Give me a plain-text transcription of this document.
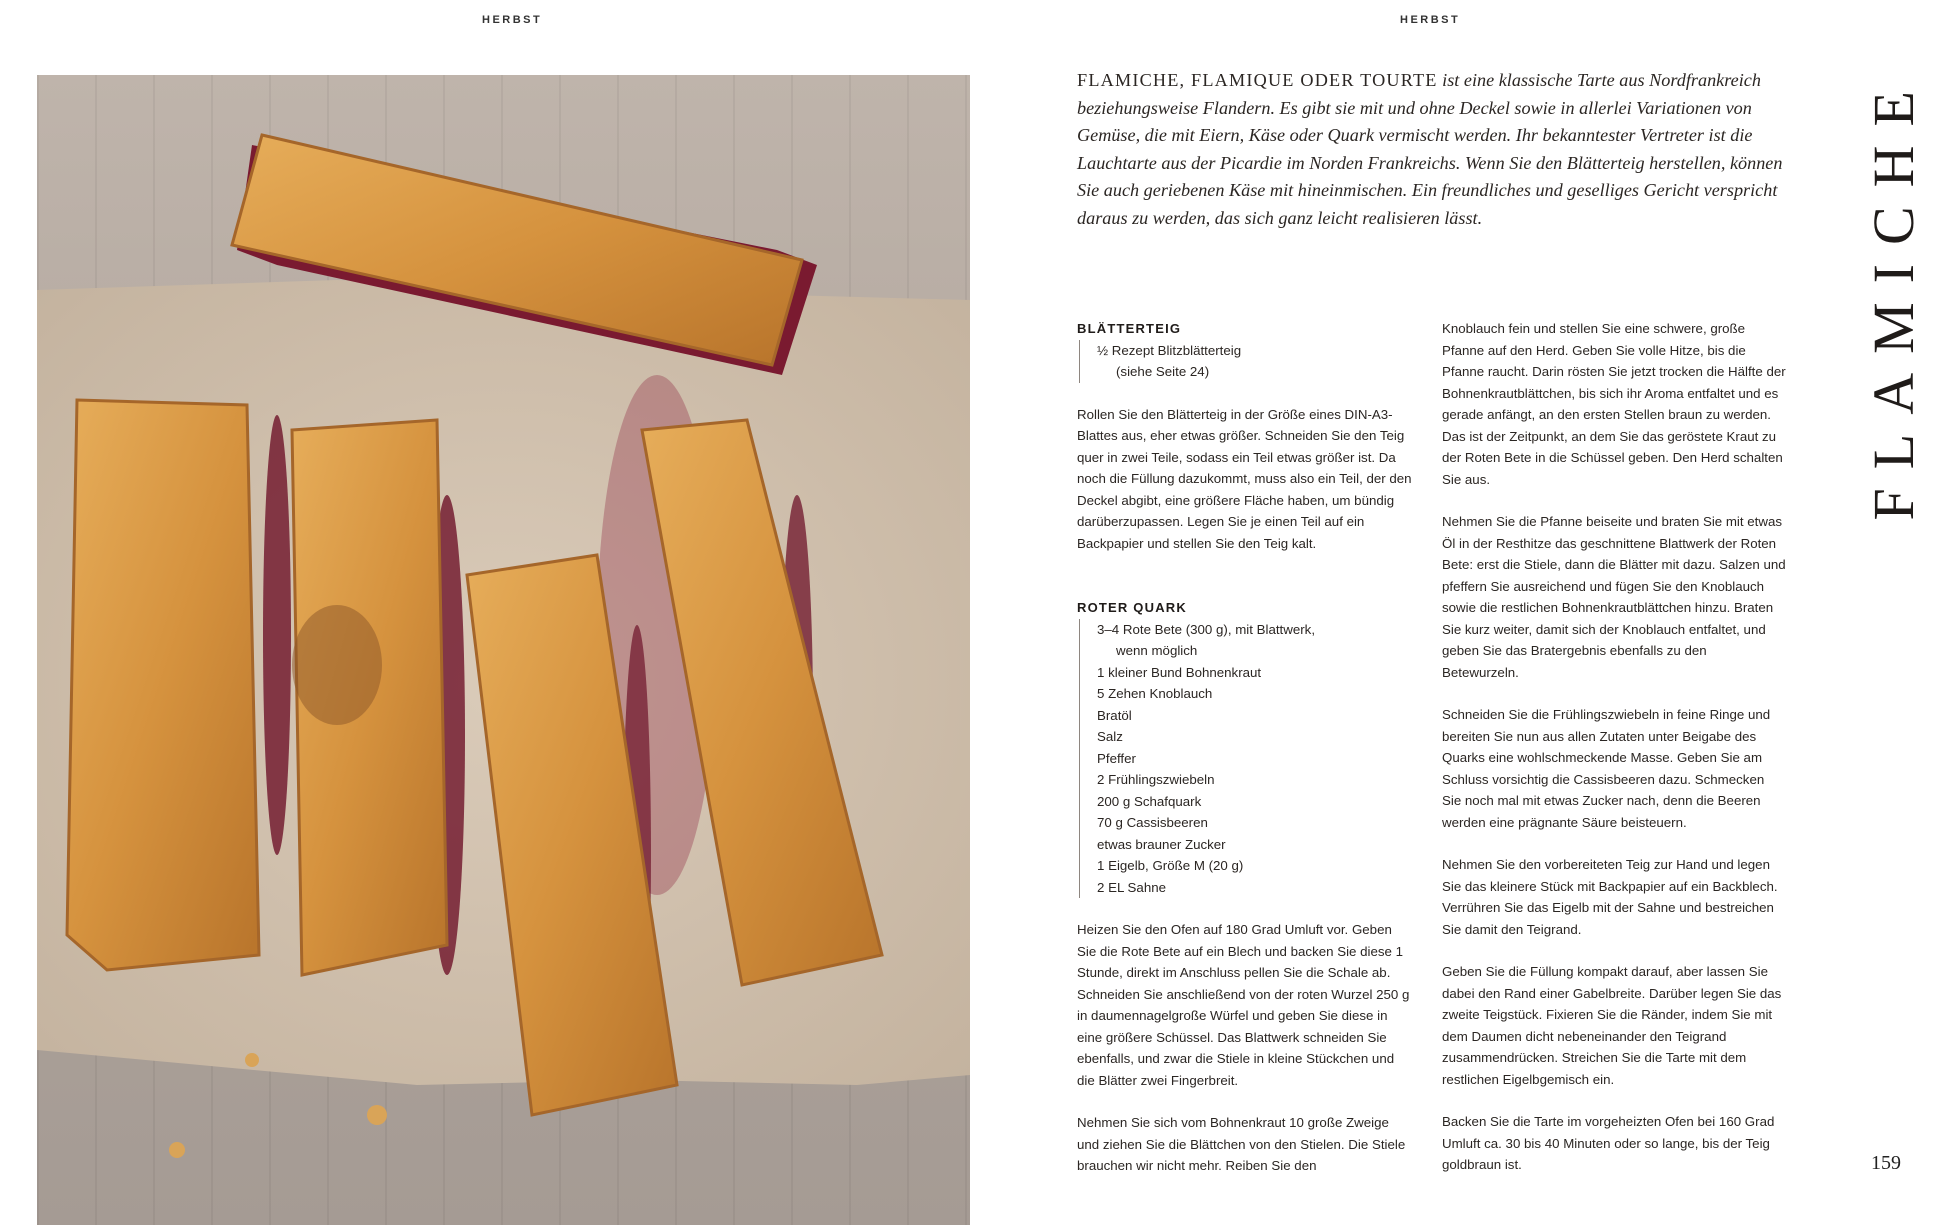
HERBST	HERBST
FLAMICHE, FLAMIQUE ODER TOURTE ist eine klassische Tarte aus Nordfrankreich beziehungsweise Flandern. Es gibt sie mit und ohne Deckel sowie in allerlei Variationen von Gemüse, die mit Eiern, Käse oder Quark vermischt werden. Ihr bekanntester Vertreter ist die Lauchtarte aus der Picardie im Norden Frankreichs. Wenn Sie den Blätterteig herstellen, können Sie auch geriebenen Käse mit hineinmischen. Ein freundliches und geselliges Gericht verspricht daraus zu werden, das sich ganz leicht realisieren lässt.
BLÄTTERTEIG
½ Rezept Blitzblätterteig
(siehe Seite 24)

Rollen Sie den Blätterteig in der Größe eines DIN-A3-Blattes aus, eher etwas größer. Schneiden Sie den Teig quer in zwei Teile, sodass ein Teil etwas größer ist. Da noch die Füllung dazukommt, muss also ein Teil, der den Deckel abgibt, eine größere Fläche haben, um bündig darüberzupassen. Legen Sie je einen Teil auf ein Backpapier und stellen Sie den Teig kalt.

ROTER QUARK
3–4 Rote Bete (300 g), mit Blattwerk,
wenn möglich
1 kleiner Bund Bohnenkraut
5 Zehen Knoblauch
Bratöl
Salz
Pfeffer
2 Frühlingszwiebeln
200 g Schafquark
70 g Cassisbeeren
etwas brauner Zucker
1 Eigelb, Größe M (20 g)
2 EL Sahne

Heizen Sie den Ofen auf 180 Grad Umluft vor. Geben Sie die Rote Bete auf ein Blech und backen Sie diese 1 Stunde, direkt im Anschluss pellen Sie die Schale ab. Schneiden Sie anschließend von der roten Wurzel 250 g in daumennagelgroße Würfel und geben Sie diese in eine größere Schüssel. Das Blattwerk schneiden Sie ebenfalls, und zwar die Stiele in kleine Stückchen und die Blätter zwei Fingerbreit.

Nehmen Sie sich vom Bohnenkraut 10 große Zweige und ziehen Sie die Blättchen von den Stielen. Die Stiele brauchen wir nicht mehr. Reiben Sie den

Knoblauch fein und stellen Sie eine schwere, große Pfanne auf den Herd. Geben Sie volle Hitze, bis die Pfanne raucht. Darin rösten Sie jetzt trocken die Hälfte der Bohnenkrautblättchen, bis sich ihr Aroma entfaltet und es gerade anfängt, an den ersten Stellen braun zu werden. Das ist der Zeitpunkt, an dem Sie das geröstete Kraut zu der Roten Bete in die Schüssel geben. Den Herd schalten Sie aus.

Nehmen Sie die Pfanne beiseite und braten Sie mit etwas Öl in der Resthitze das geschnittene Blattwerk der Roten Bete: erst die Stiele, dann die Blätter mit dazu. Salzen und pfeffern Sie ausreichend und fügen Sie den Knoblauch sowie die restlichen Bohnenkrautblättchen hinzu. Braten Sie kurz weiter, damit sich der Knoblauch entfaltet, und geben Sie das Bratergebnis ebenfalls zu den Betewurzeln.

Schneiden Sie die Frühlingszwiebeln in feine Ringe und bereiten Sie nun aus allen Zutaten unter Beigabe des Quarks eine wohlschmeckende Masse. Geben Sie am Schluss vorsichtig die Cassisbeeren dazu. Schmecken Sie noch mal mit etwas Zucker nach, denn die Beeren werden eine prägnante Säure beisteuern.

Nehmen Sie den vorbereiteten Teig zur Hand und legen Sie das kleinere Stück mit Backpapier auf ein Backblech. Verrühren Sie das Eigelb mit der Sahne und bestreichen Sie damit den Teigrand.

Geben Sie die Füllung kompakt darauf, aber lassen Sie dabei den Rand einer Gabelbreite. Darüber legen Sie das zweite Teigstück. Fixieren Sie die Ränder, indem Sie mit dem Daumen dicht nebeneinander den Teigrand zusammendrücken. Streichen Sie die Tarte mit dem restlichen Eigelbgemisch ein.

Backen Sie die Tarte im vorgeheizten Ofen bei 160 Grad Umluft ca. 30 bis 40 Minuten oder so lange, bis der Teig goldbraun ist.

FLAMICHE
159
